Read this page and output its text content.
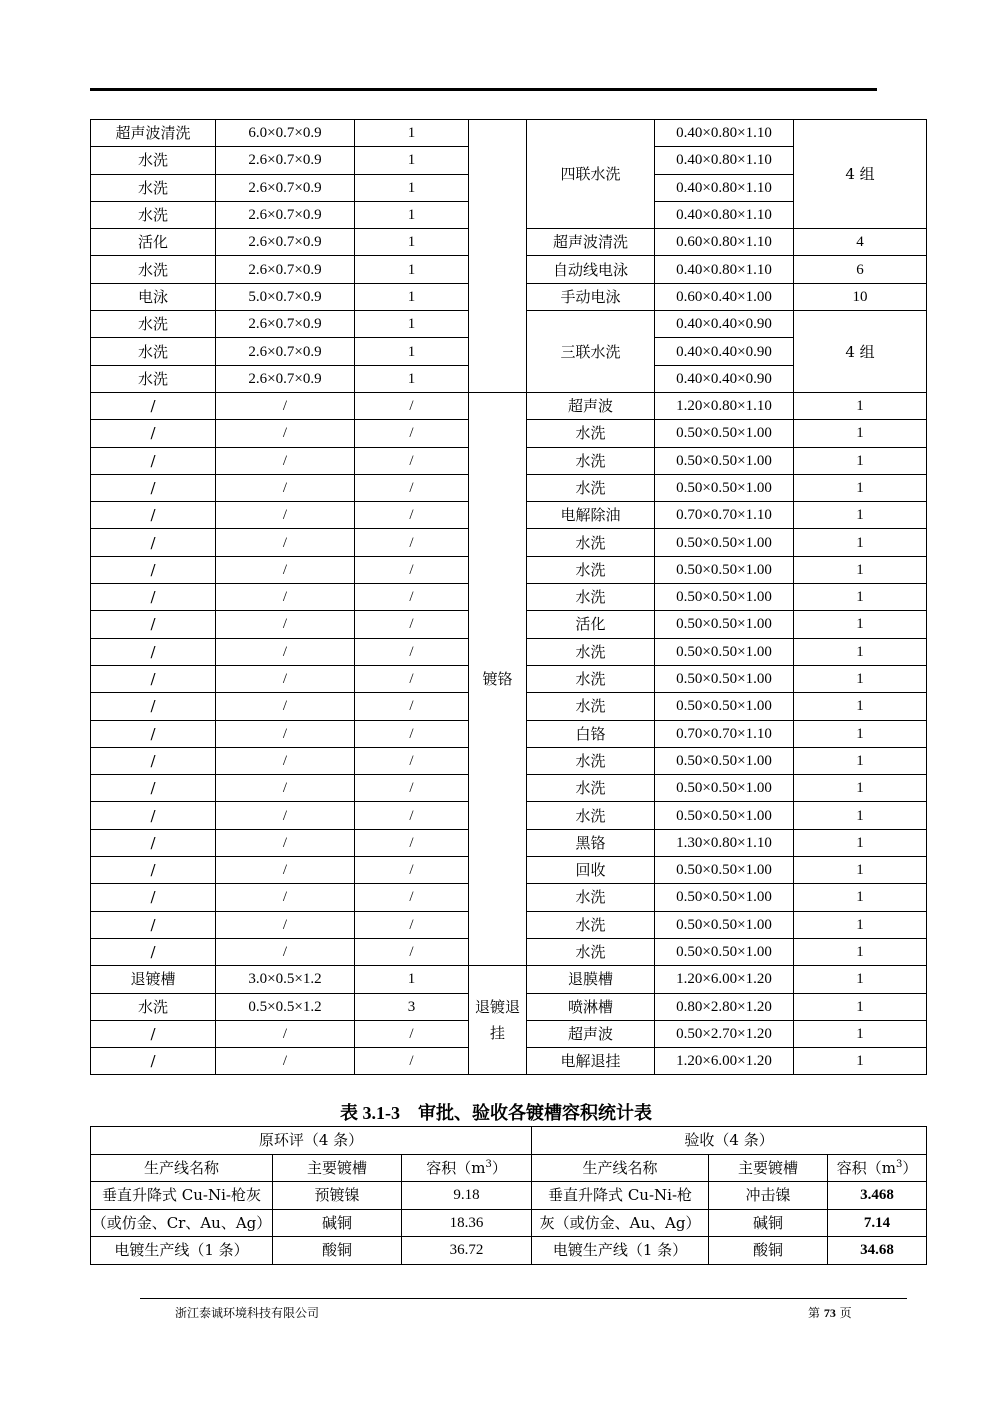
超声波清洗	6.0×0.7×0.9	1		四联水洗	0.40×0.80×1.10	4 组
水洗	2.6×0.7×0.9	1			0.40×0.80×1.10	
水洗	2.6×0.7×0.9	1			0.40×0.80×1.10	
水洗	2.6×0.7×0.9	1			0.40×0.80×1.10	
活化	2.6×0.7×0.9	1		超声波清洗	0.60×0.80×1.10	4
水洗	2.6×0.7×0.9	1		自动线电泳	0.40×0.80×1.10	6
电泳	5.0×0.7×0.9	1		手动电泳	0.60×0.40×1.00	10
水洗	2.6×0.7×0.9	1		三联水洗	0.40×0.40×0.90	4 组
水洗	2.6×0.7×0.9	1			0.40×0.40×0.90	
水洗	2.6×0.7×0.9	1			0.40×0.40×0.90	
/	/	/	镀铬	超声波	1.20×0.80×1.10	1
/	/	/		水洗	0.50×0.50×1.00	1
/	/	/		水洗	0.50×0.50×1.00	1
/	/	/		水洗	0.50×0.50×1.00	1
/	/	/		电解除油	0.70×0.70×1.10	1
/	/	/		水洗	0.50×0.50×1.00	1
/	/	/		水洗	0.50×0.50×1.00	1
/	/	/		水洗	0.50×0.50×1.00	1
/	/	/		活化	0.50×0.50×1.00	1
/	/	/		水洗	0.50×0.50×1.00	1
/	/	/		水洗	0.50×0.50×1.00	1
/	/	/		水洗	0.50×0.50×1.00	1
/	/	/		白铬	0.70×0.70×1.10	1
/	/	/		水洗	0.50×0.50×1.00	1
/	/	/		水洗	0.50×0.50×1.00	1
/	/	/		水洗	0.50×0.50×1.00	1
/	/	/		黑铬	1.30×0.80×1.10	1
/	/	/		回收	0.50×0.50×1.00	1
/	/	/		水洗	0.50×0.50×1.00	1
/	/	/		水洗	0.50×0.50×1.00	1
/	/	/		水洗	0.50×0.50×1.00	1
退镀槽	3.0×0.5×1.2	1	退镀退挂	退膜槽	1.20×6.00×1.20	1
水洗	0.5×0.5×1.2	3		喷淋槽	0.80×2.80×1.20	1
/	/	/		超声波	0.50×2.70×1.20	1
/	/	/		电解退挂	1.20×6.00×1.20	1
表 3.1-3 审批、验收各镀槽容积统计表
原环评（4 条）			验收（4 条）		
生产线名称	主要镀槽	容积$(m^3)$	生产线名称	主要镀槽	容积$(m^3)$
垂直升降式 Cu-Ni-枪灰	预镀镍	9.18	垂直升降式 Cu-Ni-枪	冲击镍	3.468
（或仿金、Cr、Au、Ag）	碱铜	18.36	灰（或仿金、Au、Ag）	碱铜	7.14
电镀生产线（1 条）	酸铜	36.72	电镀生产线（1 条）	酸铜	34.68
浙江泰诚环境科技有限公司	第 73 页
